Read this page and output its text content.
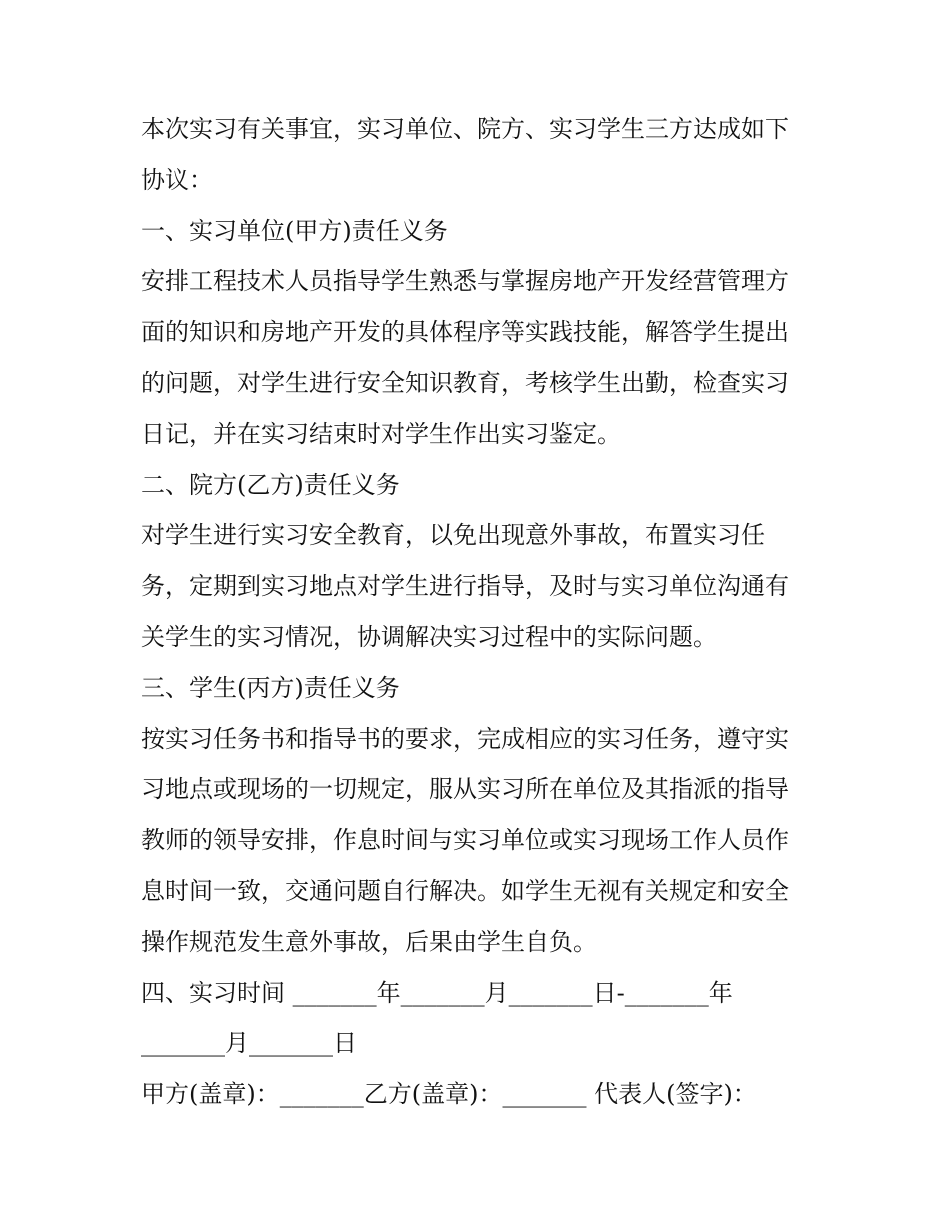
本次实习有关事宜，实习单位、院方、实习学生三方达成如下
协议：
一、实习单位(甲方)责任义务
安排工程技术人员指导学生熟悉与掌握房地产开发经营管理方
面的知识和房地产开发的具体程序等实践技能，解答学生提出
的问题，对学生进行安全知识教育，考核学生出勤，检查实习
日记，并在实习结束时对学生作出实习鉴定。
二、院方(乙方)责任义务
对学生进行实习安全教育，以免出现意外事故，布置实习任
务，定期到实习地点对学生进行指导，及时与实习单位沟通有
关学生的实习情况，协调解决实习过程中的实际问题。
三、学生(丙方)责任义务
按实习任务书和指导书的要求，完成相应的实习任务，遵守实
习地点或现场的一切规定，服从实习所在单位及其指派的指导
教师的领导安排，作息时间与实习单位或实习现场工作人员作
息时间一致，交通问题自行解决。如学生无视有关规定和安全
操作规范发生意外事故，后果由学生自负。
四、实习时间 _______年_______月_______日-_______年
_______月_______日
甲方(盖章)：_______乙方(盖章)：_______ 代表人(签字)：
